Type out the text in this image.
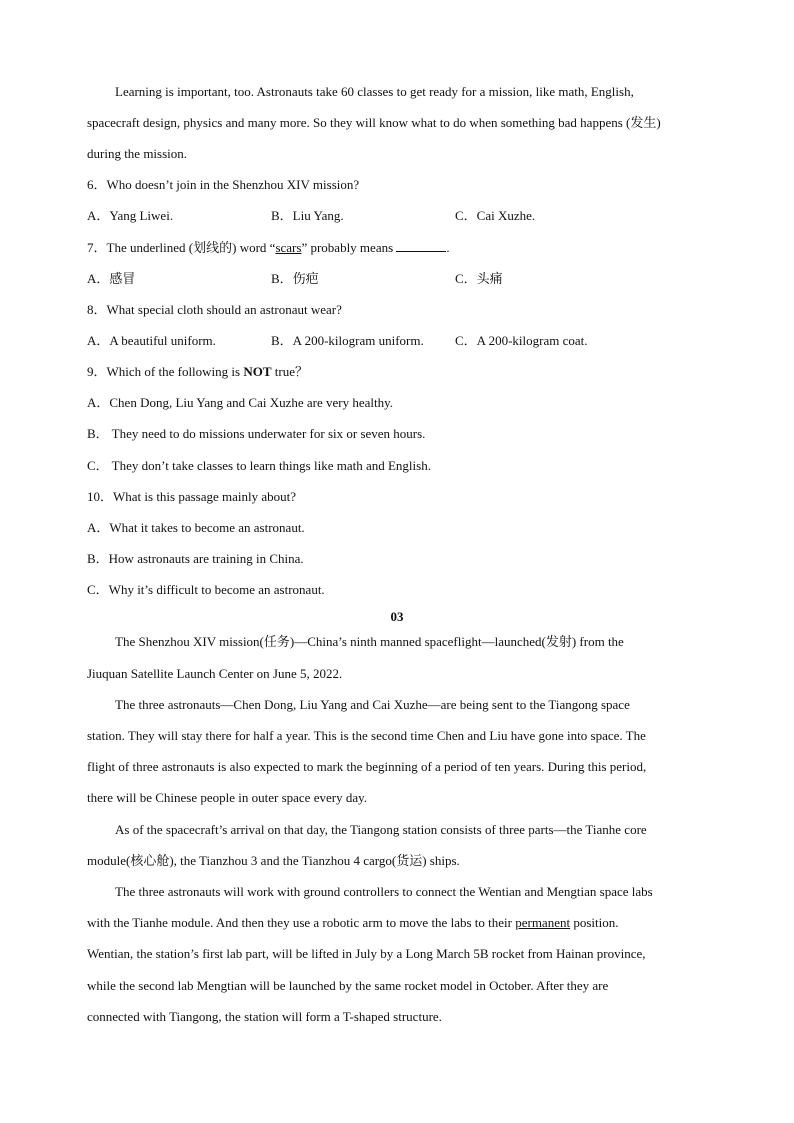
Learning is important, too. Astronauts take 60 classes to get ready for a mission, like math, English,
spacecraft design, physics and many more. So they will know what to do when something bad happens (发生)
during the mission.
6．Who doesn’t join in the Shenzhou XIV mission?
A．Yang Liwei.	B．Liu Yang.	C．Cai Xuzhe.
7．The underlined (划线的) word “scars” probably means	.
A．感冒	B．伤疤	C．头痛
8．What special cloth should an astronaut wear?
A．A beautiful uniform.	B．A 200-kilogram uniform. C．A 200-kilogram coat.
9．Which of the following is NOT true？
A．Chen Dong, Liu Yang and Cai Xuzhe are very healthy.
B． They need to do missions underwater for six or seven hours.
C． They don’t take classes to learn things like math and English.
10．What is this passage mainly about?
A．What it takes to become an astronaut.
B．How astronauts are training in China.
C．Why it’s difficult to become an astronaut.
03
The Shenzhou XIV mission(任务)—China’s ninth manned spaceflight—launched(发射) from the
Jiuquan Satellite Launch Center on June 5, 2022.
The three astronauts—Chen Dong, Liu Yang and Cai Xuzhe—are being sent to the Tiangong space
station. They will stay there for half a year. This is the second time Chen and Liu have gone into space. The
flight of three astronauts is also expected to mark the beginning of a period of ten years. During this period,
there will be Chinese people in outer space every day.
As of the spacecraft’s arrival on that day, the Tiangong station consists of three parts—the Tianhe core
module(核心舱), the Tianzhou 3 and the Tianzhou 4 cargo(货运) ships.
The three astronauts will work with ground controllers to connect the Wentian and Mengtian space labs
with the Tianhe module. And then they use a robotic arm to move the labs to their permanent position.
Wentian, the station’s first lab part, will be lifted in July by a Long March 5B rocket from Hainan province,
while the second lab Mengtian will be launched by the same rocket model in October. After they are
connected with Tiangong, the station will form a T-shaped structure.
